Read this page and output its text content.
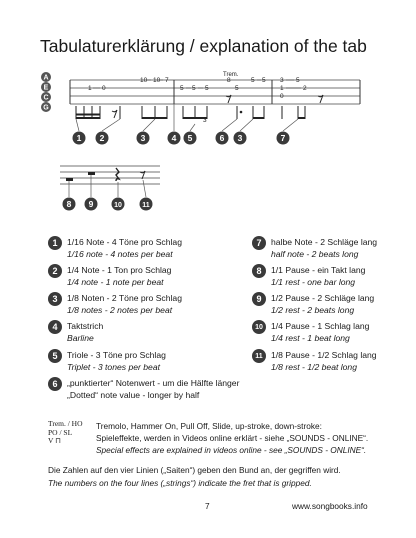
Tabulaturerklärung / explanation of the tab
A
E
C
G
10 10 7
1 0
Trem.
8	5 5
5 5 5	5
3
3 5
1	2
0
1 2	3	4 5	6 3	7
8 9	10	11
1	1/16 Note - 4 Töne pro Schlag
1/16 note - 4 notes per beat
2	1/4 Note - 1 Ton pro Schlag
1/4 note - 1 note per beat
3	1/8 Noten - 2 Töne pro Schlag
1/8 notes - 2 notes per beat
4	Taktstrich
Barline
5	Triole - 3 Töne pro Schlag
Triplet - 3 tones per beat
6	„punktierter“ Notenwert - um die Hälfte länger
„Dotted“ note value - longer by half
7	halbe Note - 2 Schläge lang
half note - 2 beats long
8	1/1 Pause - ein Takt lang
1/1 rest - one bar long
9	1/2 Pause - 2 Schläge lang
1/2 rest - 2 beats long
10 1/4 Pause - 1 Schlag lang
1/4 rest - 1 beat long
11 1/8 Pause - 1/2 Schlag lang
1/8 rest - 1/2 beat long
Trem. / HO
PO / SL
V ⊓
Tremolo, Hammer On, Pull Off, Slide, up-stroke, down-stroke:
Spieleffekte, werden in Videos online erklärt - siehe „SOUNDS - ONLINE“.
Special effects are explained in videos online - see „SOUNDS - ONLINE“.
Die Zahlen auf den vier Linien („Saiten“) geben den Bund an, der gegriffen wird.
The numbers on the four lines („strings“) indicate the fret that is gripped.
7	www.songbooks.info
